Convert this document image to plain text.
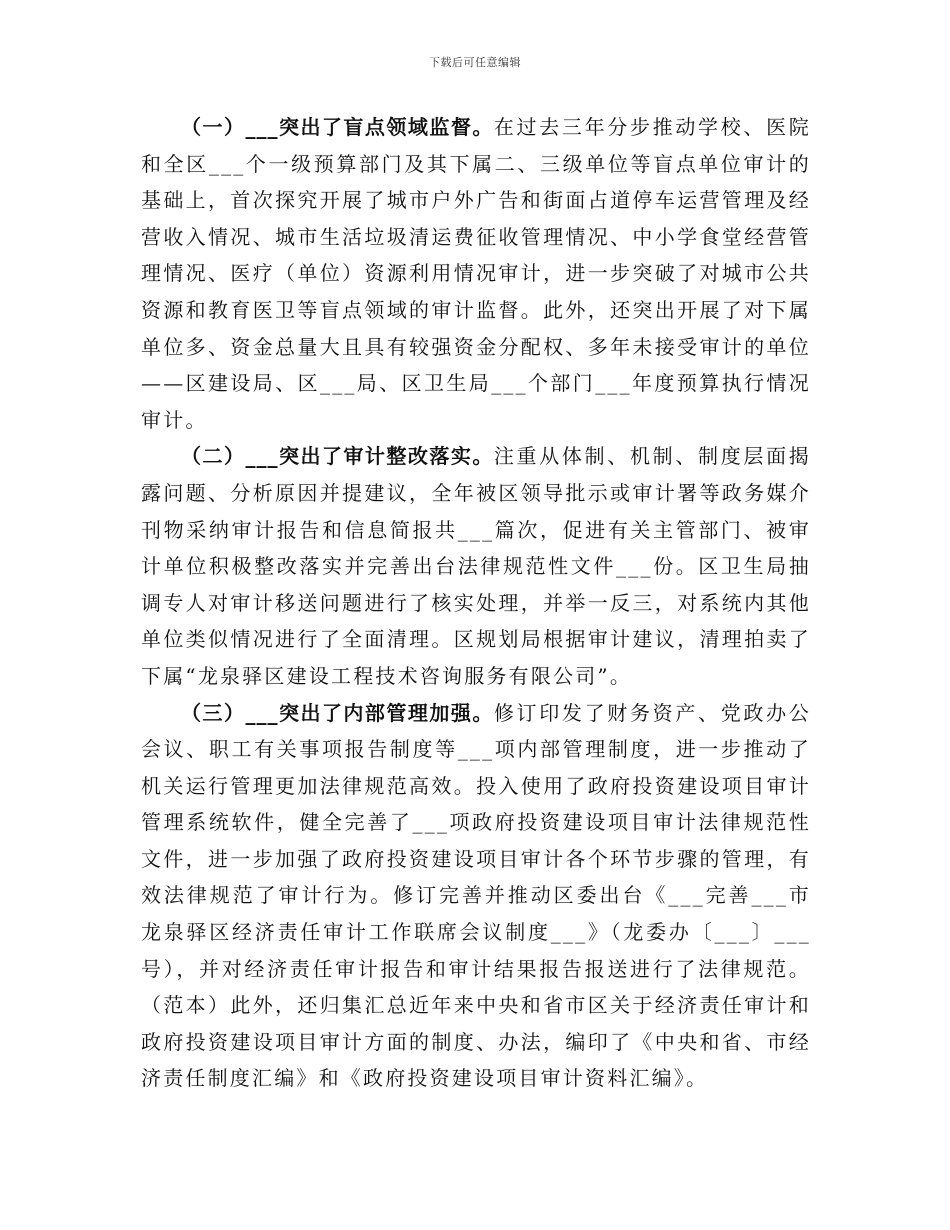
下载后可任意编辑

（一）___突出了盲点领域监督。在过去三年分步推动学校、医院和全区___个一级预算部门及其下属二、三级单位等盲点单位审计的基础上，首次探究开展了城市户外广告和街面占道停车运营管理及经营收入情况、城市生活垃圾清运费征收管理情况、中小学食堂经营管理情况、医疗（单位）资源利用情况审计，进一步突破了对城市公共资源和教育医卫等盲点领域的审计监督。此外，还突出开展了对下属单位多、资金总量大且具有较强资金分配权、多年未接受审计的单位——区建设局、区___局、区卫生局___个部门___年度预算执行情况审计。

（二）___突出了审计整改落实。注重从体制、机制、制度层面揭露问题、分析原因并提建议，全年被区领导批示或审计署等政务媒介刊物采纳审计报告和信息简报共___篇次，促进有关主管部门、被审计单位积极整改落实并完善出台法律规范性文件___份。区卫生局抽调专人对审计移送问题进行了核实处理，并举一反三，对系统内其他单位类似情况进行了全面清理。区规划局根据审计建议，清理拍卖了下属“龙泉驿区建设工程技术咨询服务有限公司”。

（三）___突出了内部管理加强。修订印发了财务资产、党政办公会议、职工有关事项报告制度等___项内部管理制度，进一步推动了机关运行管理更加法律规范高效。投入使用了政府投资建设项目审计管理系统软件，健全完善了___项政府投资建设项目审计法律规范性文件，进一步加强了政府投资建设项目审计各个环节步骤的管理，有效法律规范了审计行为。修订完善并推动区委出台《___完善___市龙泉驿区经济责任审计工作联席会议制度___》（龙委办〔___〕___号），并对经济责任审计报告和审计结果报告报送进行了法律规范。（范本）此外，还归集汇总近年来中央和省市区关于经济责任审计和政府投资建设项目审计方面的制度、办法，编印了《中央和省、市经济责任制度汇编》和《政府投资建设项目审计资料汇编》。
